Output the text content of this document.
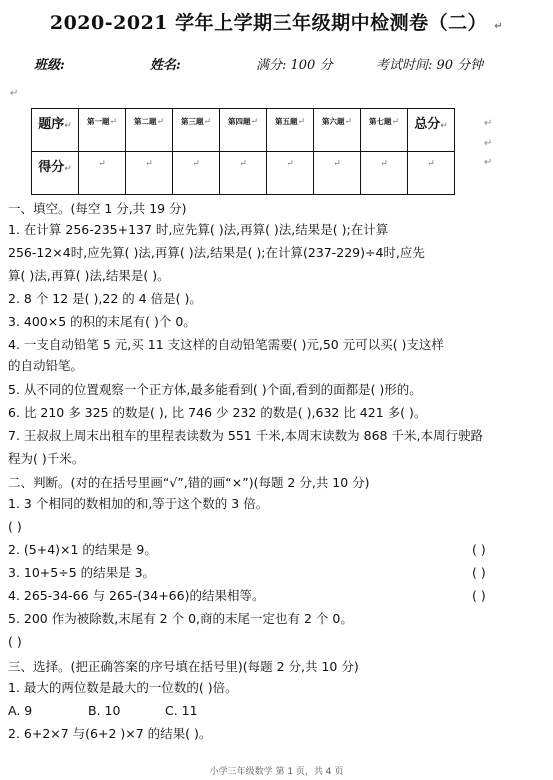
2020-2021 学年上学期三年级期中检测卷（二） ↵
班级:	姓名:	满分: 100 分	考试时间: 90 分钟
↵
题序↵	第一题↵	第二题↵	第三题↵	第四题↵	第五题↵	第六题↵	第七题↵	总分↵
得分↵	↵	↵	↵	↵	↵	↵	↵	↵
↵
↵
↵
一、填空。(每空 1 分,共 19 分)
1. 在计算 256-235+137 时,应先算( )法,再算( )法,结果是( );在计算
256-12×4时,应先算( )法,再算( )法,结果是( );在计算(237-229)÷4时,应先
算( )法,再算( )法,结果是( )。
2. 8 个 12 是( ),22 的 4 倍是( )。
3. 400×5 的积的末尾有( )个 0。
4. 一支自动铅笔 5 元,买 11 支这样的自动铅笔需要( )元,50 元可以买( )支这样
的自动铅笔。
5. 从不同的位置观察一个正方体,最多能看到( )个面,看到的面都是( )形的。
6. 比 210 多 325 的数是( ), 比 746 少 232 的数是( ),632 比 421 多( )。
7. 王叔叔上周末出租车的里程表读数为 551 千米,本周末读数为 868 千米,本周行驶路
程为( )千米。
二、判断。(对的在括号里画“√”,错的画“×”)(每题 2 分,共 10 分)
1. 3 个相同的数相加的和,等于这个数的 3 倍。
( )
2. (5+4)×1 的结果是 9。	( )
3. 10+5÷5 的结果是 3。	( )
4. 265-34-66 与 265-(34+66)的结果相等。	( )
5. 200 作为被除数,末尾有 2 个 0,商的末尾一定也有 2 个 0。
( )
三、选择。(把正确答案的序号填在括号里)(每题 2 分,共 10 分)
1. 最大的两位数是最大的一位数的( )倍。
A. 9	B. 10	C. 11
2. 6+2×7 与(6+2 )×7 的结果( )。
小学三年级数学 第 1 页，共 4 页
